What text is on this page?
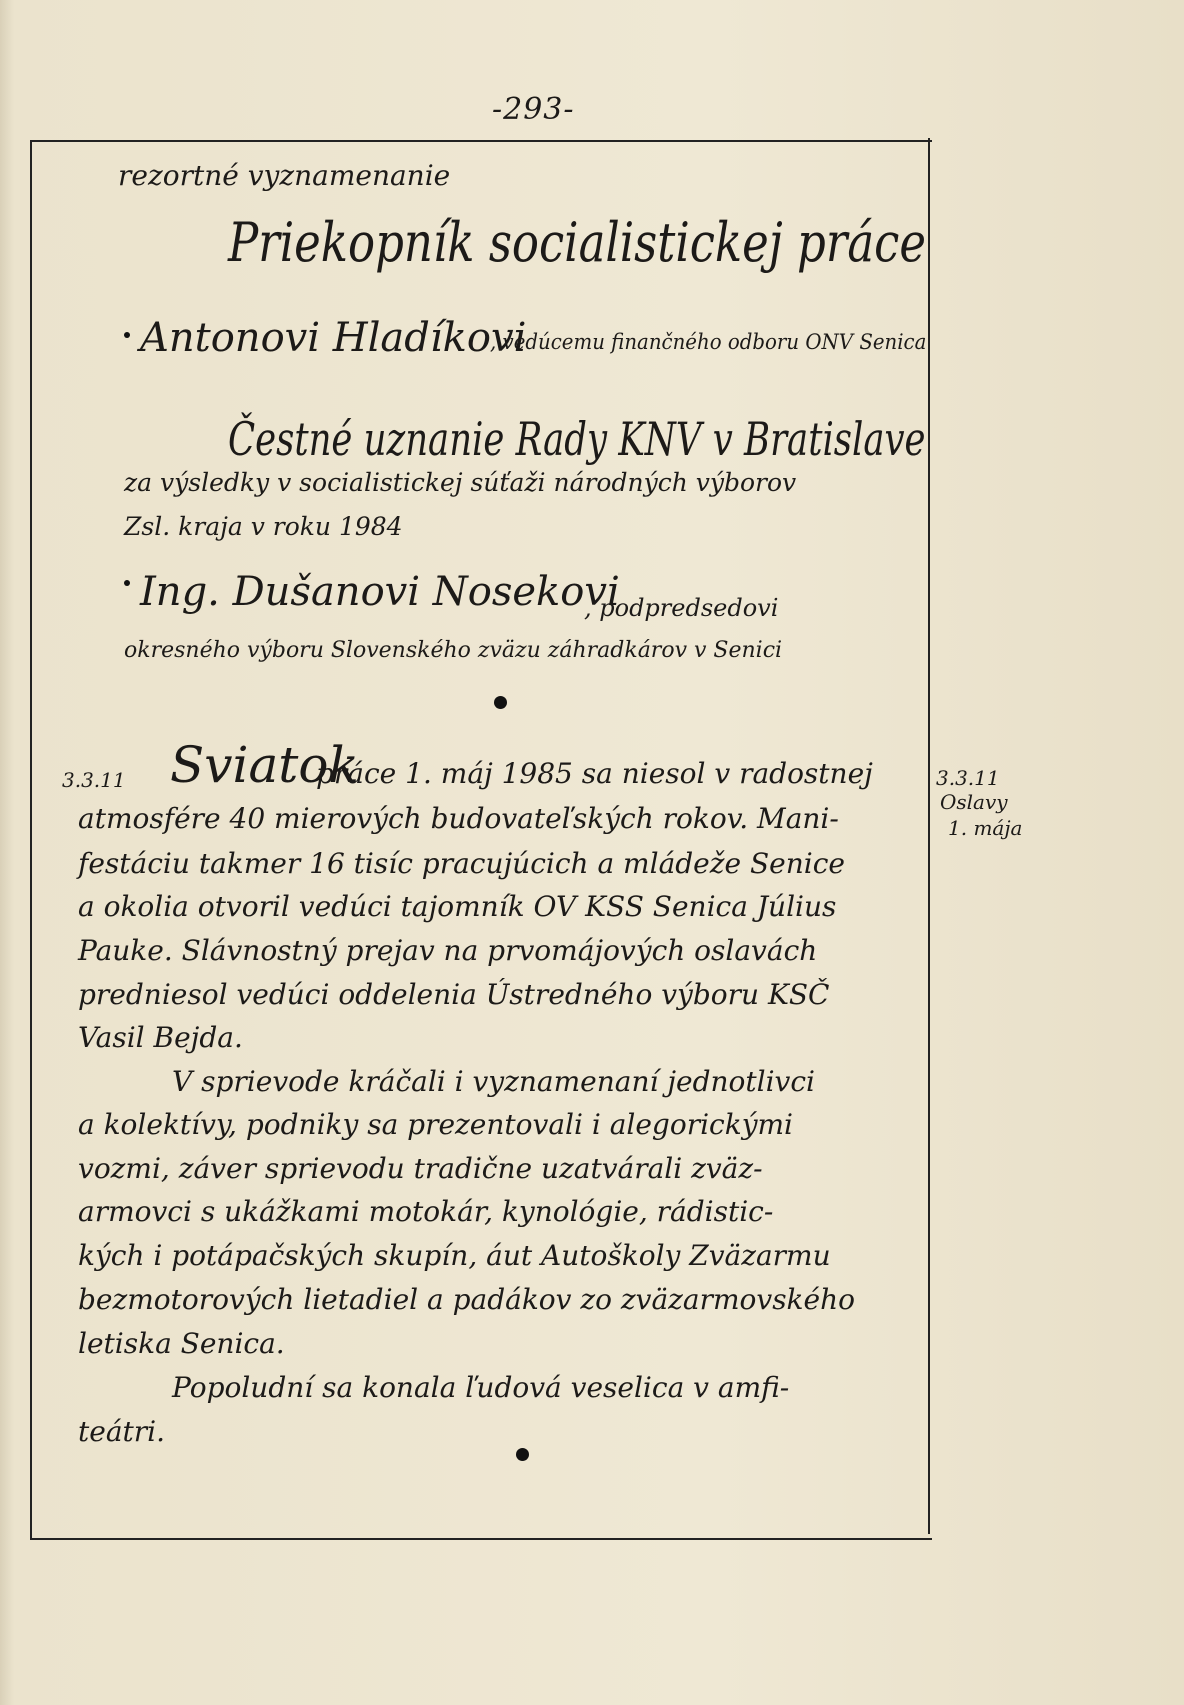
-293-
rezortné vyznamenanie
Priekopník socialistickej práce
Antonovi Hladíkovi
, vedúcemu finančného odboru ONV Senica
Čestné uznanie Rady KNV v Bratislave
za výsledky v socialistickej súťaži národných výborov
Zsl. kraja v roku 1984
Ing. Dušanovi Nosekovi
, podpredsedovi
okresného výboru Slovenského zväzu záhradkárov v Senici
3.3.11 Sviatok
práce 1. máj 1985 sa niesol v radostnej
atmosfére 40 mierových budovateľských rokov. Mani-
festáciu takmer 16 tisíc pracujúcich a mládeže Senice
a okolia otvoril vedúci tajomník OV KSS Senica Július
Pauke. Slávnostný prejav na prvomájových oslavách
predniesol vedúci oddelenia Ústredného výboru KSČ
Vasil Bejda.
V sprievode kráčali i vyznamenaní jednotlivci
a kolektívy, podniky sa prezentovali i alegorickými
vozmi, záver sprievodu tradične uzatvárali zväz-
armovci s ukážkami motokár, kynológie, rádistic-
kých i potápačských skupín, áut Autoškoly Zväzarmu
bezmotorových lietadiel a padákov zo zväzarmovského
letiska Senica.
Popoludní sa konala ľudová veselica v amfi-
teátri.
3.3.11
Oslavy
1. mája
